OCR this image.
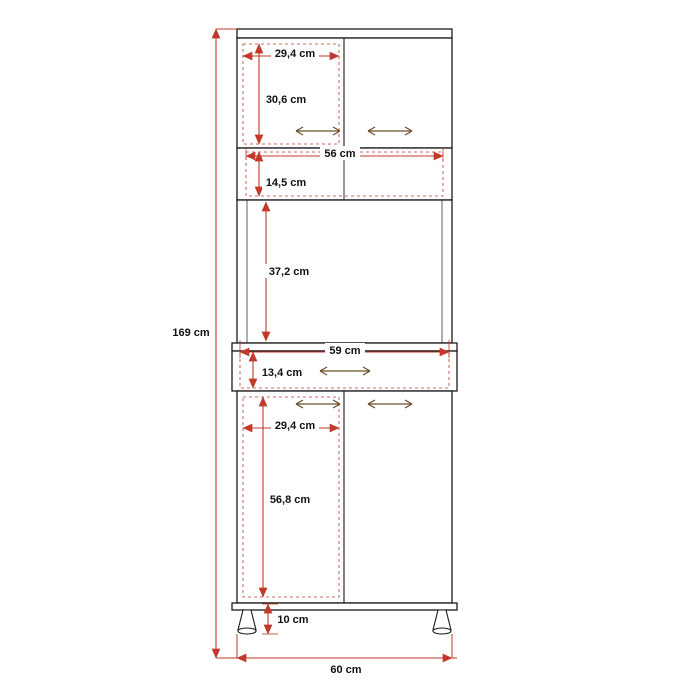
29,4 cm
30,6 cm
56 cm
14,5 cm
37,2 cm
59 cm
13,4 cm
29,4 cm
56,8 cm
10 cm
169 cm
60 cm
